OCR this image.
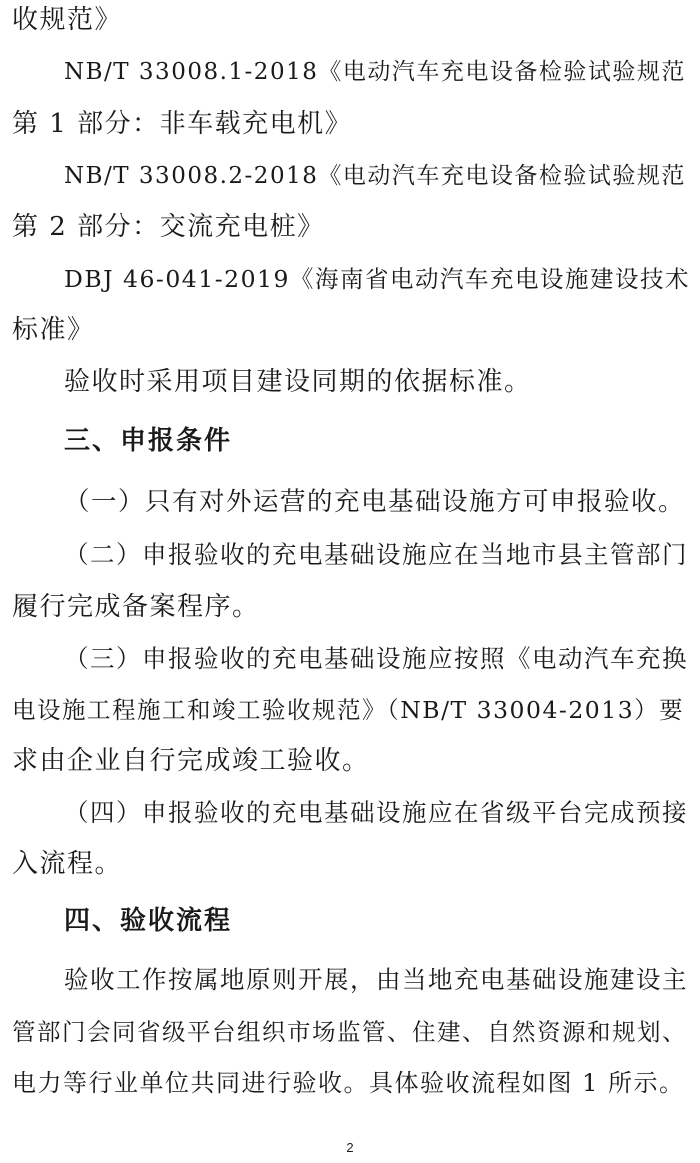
收规范》
NB/T 33008.1-2018《电动汽车充电设备检验试验规范
第 1 部分：非车载充电机》
NB/T 33008.2-2018《电动汽车充电设备检验试验规范
第 2 部分：交流充电桩》
DBJ 46-041-2019《海南省电动汽车充电设施建设技术
标准》
验收时采用项目建设同期的依据标准。
三、申报条件
（一）只有对外运营的充电基础设施方可申报验收。
（二）申报验收的充电基础设施应在当地市县主管部门
履行完成备案程序。
（三）申报验收的充电基础设施应按照《电动汽车充换
电设施工程施工和竣工验收规范》（NB/T 33004-2013）要
求由企业自行完成竣工验收。
（四）申报验收的充电基础设施应在省级平台完成预接
入流程。
四、验收流程
验收工作按属地原则开展，由当地充电基础设施建设主
管部门会同省级平台组织市场监管、住建、自然资源和规划、
电力等行业单位共同进行验收。具体验收流程如图 1 所示。
2
